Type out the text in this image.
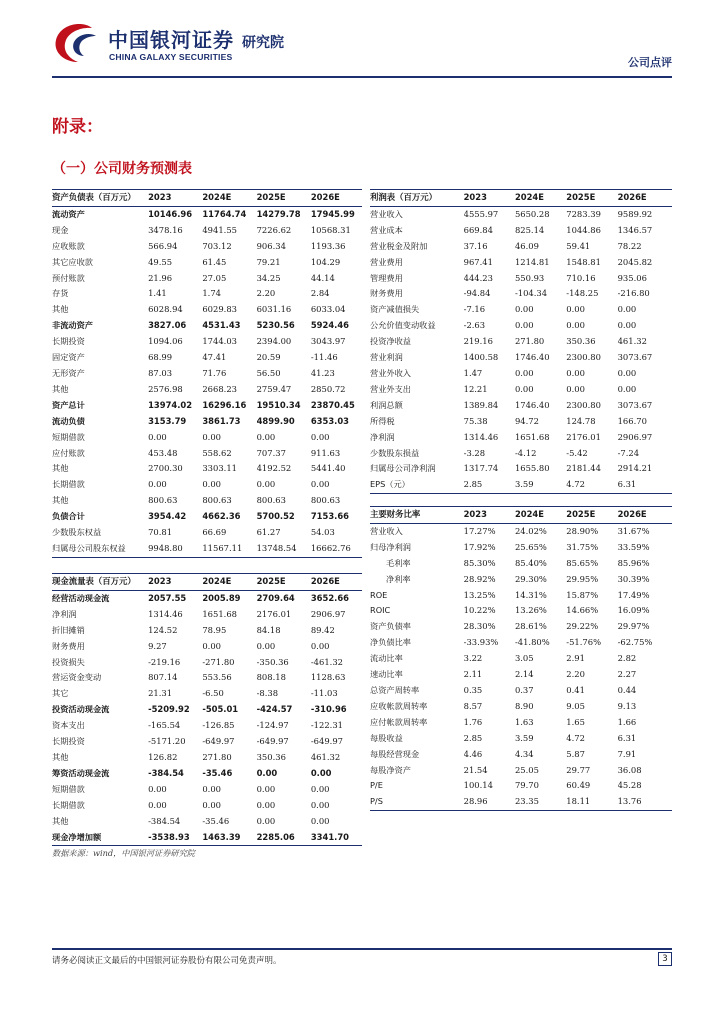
中国银河证券
CHINA GALAXY SECURITIES
研究院
公司点评
附录：
（一）公司财务预测表
资产负债表（百万元）	2023	2024E	2025E	2026E
流动资产	10146.96	11764.74	14279.78	17945.99
现金	3478.16	4941.55	7226.62	10568.31
应收账款	566.94	703.12	906.34	1193.36
其它应收款	49.55	61.45	79.21	104.29
预付账款	21.96	27.05	34.25	44.14
存货	1.41	1.74	2.20	2.84
其他	6028.94	6029.83	6031.16	6033.04
非流动资产	3827.06	4531.43	5230.56	5924.46
长期投资	1094.06	1744.03	2394.00	3043.97
固定资产	68.99	47.41	20.59	-11.46
无形资产	87.03	71.76	56.50	41.23
其他	2576.98	2668.23	2759.47	2850.72
资产总计	13974.02	16296.16	19510.34	23870.45
流动负债	3153.79	3861.73	4899.90	6353.03
短期借款	0.00	0.00	0.00	0.00
应付账款	453.48	558.62	707.37	911.63
其他	2700.30	3303.11	4192.52	5441.40
长期借款	0.00	0.00	0.00	0.00
其他	800.63	800.63	800.63	800.63
负债合计	3954.42	4662.36	5700.52	7153.66
少数股东权益	70.81	66.69	61.27	54.03
归属母公司股东权益	9948.80	11567.11	13748.54	16662.76
现金流量表（百万元）	2023	2024E	2025E	2026E
经营活动现金流	2057.55	2005.89	2709.64	3652.66
净利润	1314.46	1651.68	2176.01	2906.97
折旧摊销	124.52	78.95	84.18	89.42
财务费用	9.27	0.00	0.00	0.00
投资损失	-219.16	-271.80	-350.36	-461.32
营运资金变动	807.14	553.56	808.18	1128.63
其它	21.31	-6.50	-8.38	-11.03
投资活动现金流	-5209.92	-505.01	-424.57	-310.96
资本支出	-165.54	-126.85	-124.97	-122.31
长期投资	-5171.20	-649.97	-649.97	-649.97
其他	126.82	271.80	350.36	461.32
筹资活动现金流	-384.54	-35.46	0.00	0.00
短期借款	0.00	0.00	0.00	0.00
长期借款	0.00	0.00	0.00	0.00
其他	-384.54	-35.46	0.00	0.00
现金净增加额	-3538.93	1463.39	2285.06	3341.70
利润表（百万元）	2023	2024E	2025E	2026E
营业收入	4555.97	5650.28	7283.39	9589.92
营业成本	669.84	825.14	1044.86	1346.57
营业税金及附加	37.16	46.09	59.41	78.22
营业费用	967.41	1214.81	1548.81	2045.82
管理费用	444.23	550.93	710.16	935.06
财务费用	-94.84	-104.34	-148.25	-216.80
资产减值损失	-7.16	0.00	0.00	0.00
公允价值变动收益	-2.63	0.00	0.00	0.00
投资净收益	219.16	271.80	350.36	461.32
营业利润	1400.58	1746.40	2300.80	3073.67
营业外收入	1.47	0.00	0.00	0.00
营业外支出	12.21	0.00	0.00	0.00
利润总额	1389.84	1746.40	2300.80	3073.67
所得税	75.38	94.72	124.78	166.70
净利润	1314.46	1651.68	2176.01	2906.97
少数股东损益	-3.28	-4.12	-5.42	-7.24
归属母公司净利润	1317.74	1655.80	2181.44	2914.21
EPS（元）	2.85	3.59	4.72	6.31
主要财务比率	2023	2024E	2025E	2026E
营业收入	17.27%	24.02%	28.90%	31.67%
归母净利润	17.92%	25.65%	31.75%	33.59%
毛利率	85.30%	85.40%	85.65%	85.96%
净利率	28.92%	29.30%	29.95%	30.39%
ROE	13.25%	14.31%	15.87%	17.49%
ROIC	10.22%	13.26%	14.66%	16.09%
资产负债率	28.30%	28.61%	29.22%	29.97%
净负债比率	-33.93%	-41.80%	-51.76%	-62.75%
流动比率	3.22	3.05	2.91	2.82
速动比率	2.11	2.14	2.20	2.27
总资产周转率	0.35	0.37	0.41	0.44
应收帐款周转率	8.57	8.90	9.05	9.13
应付帐款周转率	1.76	1.63	1.65	1.66
每股收益	2.85	3.59	4.72	6.31
每股经营现金	4.46	4.34	5.87	7.91
每股净资产	21.54	25.05	29.77	36.08
P/E	100.14	79.70	60.49	45.28
P/S	28.96	23.35	18.11	13.76
数据来源：wind，中国银河证券研究院
请务必阅读正文最后的中国银河证券股份有限公司免责声明。	3
